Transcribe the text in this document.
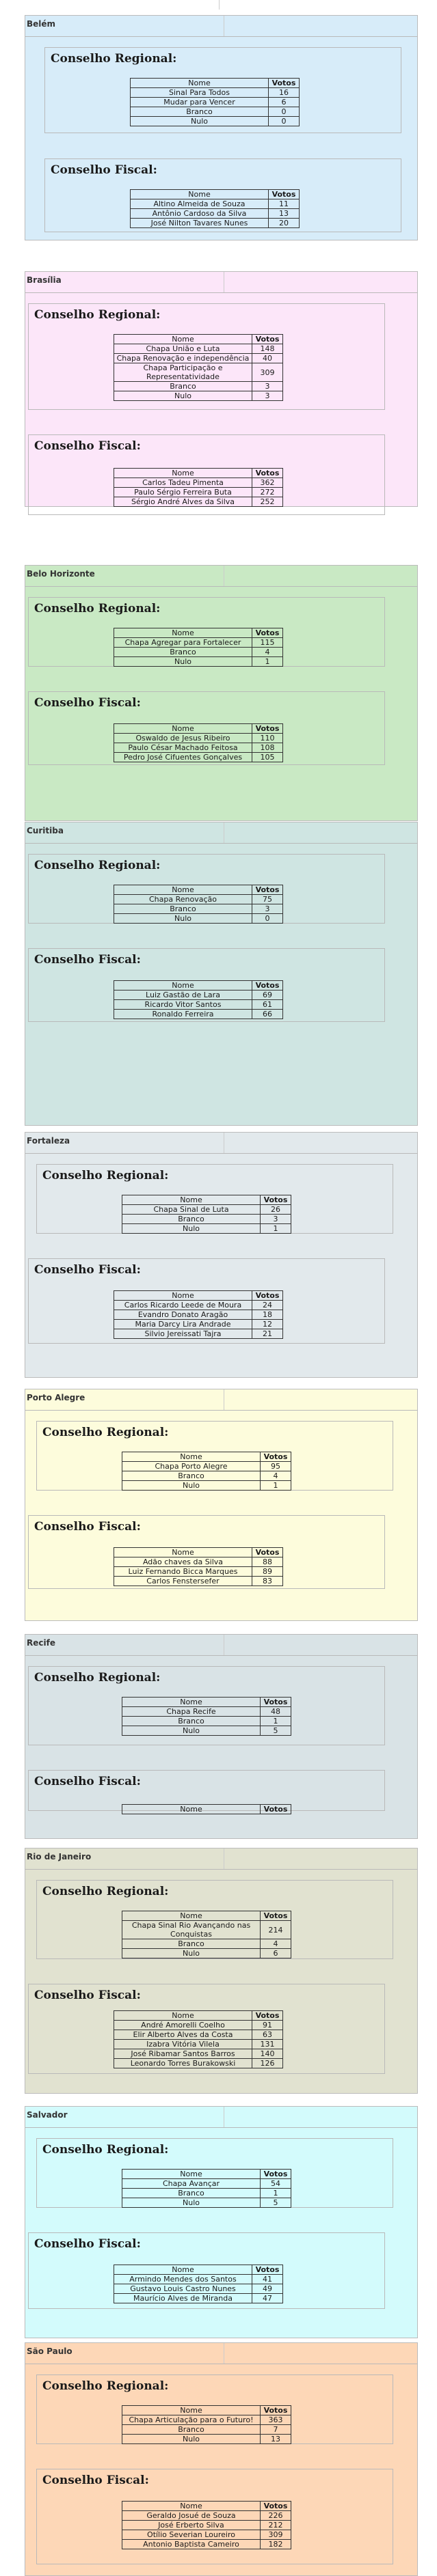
Belém
Conselho Regional:
Nome	Votos
Sinal Para Todos	16
Mudar para Vencer	6
Branco	0
Nulo	0
Conselho Fiscal:
Nome	Votos
Altino Almeida de Souza	11
Antônio Cardoso da Silva	13
José Nilton Tavares Nunes	20
Brasília
Conselho Regional:
Nome	Votos
Chapa União e Luta	148
Chapa Renovação e independência	40
Chapa Participação e Representatividade	309
Branco	3
Nulo	3
Conselho Fiscal:
Nome	Votos
Carlos Tadeu Pimenta	362
Paulo Sérgio Ferreira Buta	272
Sérgio André Alves da Silva	252
Belo Horizonte
Conselho Regional:
Nome	Votos
Chapa Agregar para Fortalecer	115
Branco	4
Nulo	1
Conselho Fiscal:
Nome	Votos
Oswaldo de Jesus Ribeiro	110
Paulo César Machado Feitosa	108
Pedro José Cifuentes Gonçalves	105
Curitiba
Conselho Regional:
Nome	Votos
Chapa Renovação	75
Branco	3
Nulo	0
Conselho Fiscal:
Nome	Votos
Luiz Gastão de Lara	69
Ricardo Vitor Santos	61
Ronaldo Ferreira	66
Fortaleza
Conselho Regional:
Nome	Votos
Chapa Sinal de Luta	26
Branco	3
Nulo	1
Conselho Fiscal:
Nome	Votos
Carlos Ricardo Leede de Moura	24
Evandro Donato Aragão	18
Maria Darcy Lira Andrade	12
Silvio Jereissati Tajra	21
Porto Alegre
Conselho Regional:
Nome	Votos
Chapa Porto Alegre	95
Branco	4
Nulo	1
Conselho Fiscal:
Nome	Votos
Adão chaves da Silva	88
Luiz Fernando Bicca Marques	89
Carlos Fenstersefer	83
Recife
Conselho Regional:
Nome	Votos
Chapa Recife	48
Branco	1
Nulo	5
Conselho Fiscal:
Nome	Votos
Rio de Janeiro
Conselho Regional:
Nome	Votos
Chapa Sinal Rio Avançando nas Conquistas	214
Branco	4
Nulo	6
Conselho Fiscal:
Nome	Votos
André Amorelli Coelho	91
Elir Alberto Alves da Costa	63
Izabra Vitória Vilela	131
José Ribamar Santos Barros	140
Leonardo Torres Burakowski	126
Salvador
Conselho Regional:
Nome	Votos
Chapa Avançar	54
Branco	1
Nulo	5
Conselho Fiscal:
Nome	Votos
Armindo Mendes dos Santos	41
Gustavo Louis Castro Nunes	49
Maurício Alves de Miranda	47
São Paulo
Conselho Regional:
Nome	Votos
Chapa Articulação para o Futuro!	363
Branco	7
Nulo	13
Conselho Fiscal:
Nome	Votos
Geraldo Josué de Souza	226
José Erberto Silva	212
Otílio Severian Loureiro	309
Antonio Baptista Cameiro	182
